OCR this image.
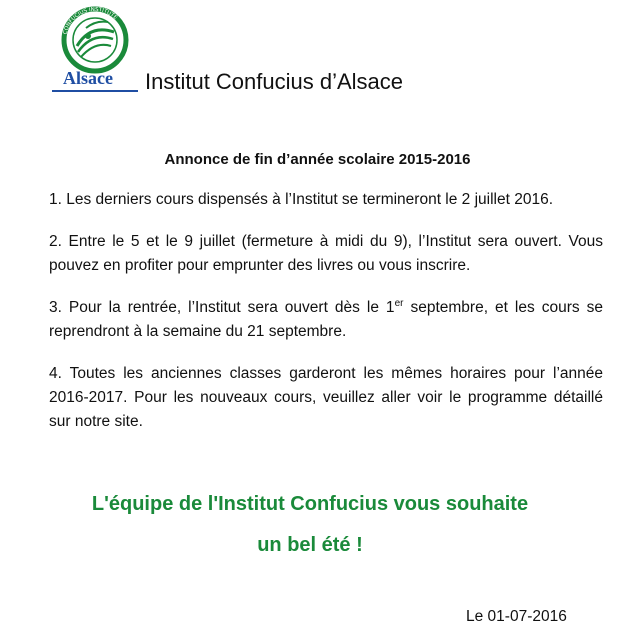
CONFUCIUS INSTITUTE
Alsace Institut Confucius d’Alsace
Annonce de fin d’année scolaire 2015-2016
1. Les derniers cours dispensés à l’Institut se termineront le 2 juillet 2016.
2. Entre le 5 et le 9 juillet (fermeture à midi du 9), l’Institut sera ouvert. Vous pouvez en profiter pour emprunter des livres ou vous inscrire.
3. Pour la rentrée, l’Institut sera ouvert dès le 1er septembre, et les cours se reprendront à la semaine du 21 septembre.
4. Toutes les anciennes classes garderont les mêmes horaires pour l’année 2016-2017. Pour les nouveaux cours, veuillez aller voir le programme détaillé sur notre site.
L'équipe de l'Institut Confucius vous souhaite
un bel été !
Le 01-07-2016
